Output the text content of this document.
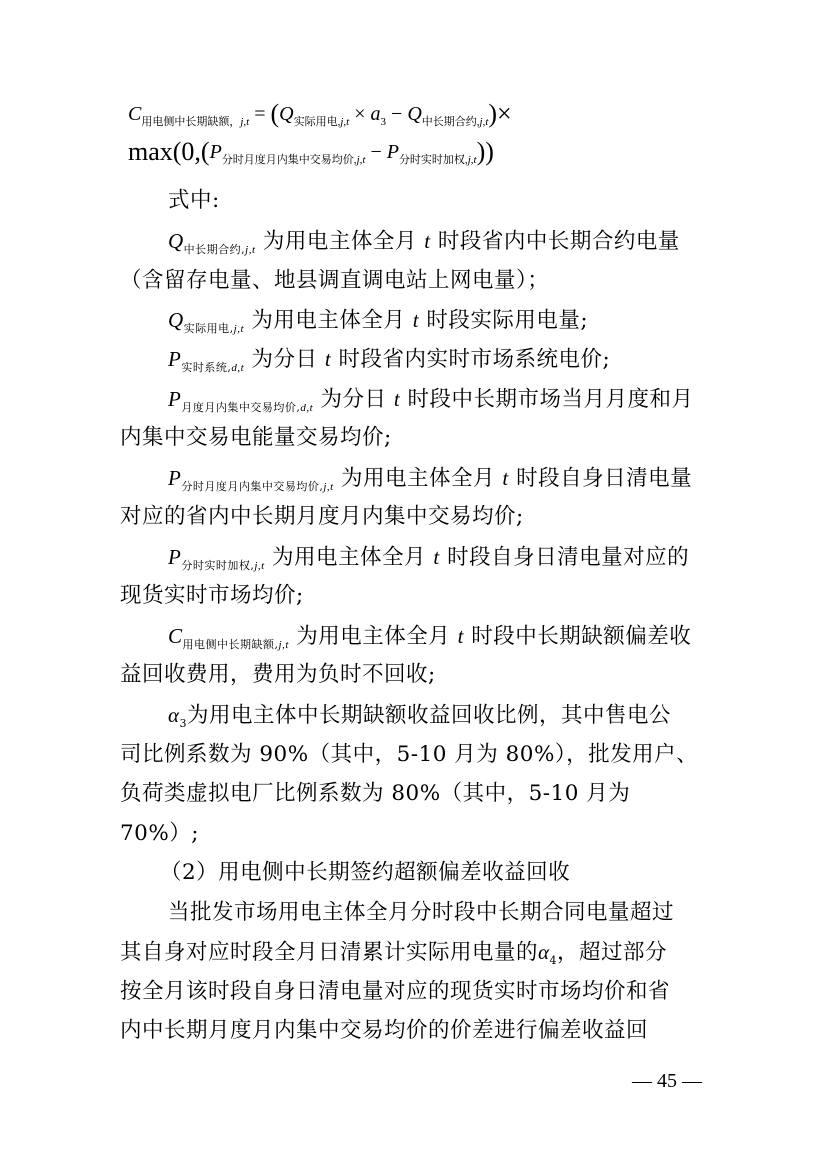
$C_{用电侧中长期缺额,j,t} = (Q_{实际用电,j,t} \times a_3 - Q_{中长期合约,j,t})\times$
$\max(0,(P_{分时月度月内集中交易均价,j,t} - P_{分时实时加权,j,t}))$
式中:
$Q_{中长期合约,j,t}$ 为用电主体全月 t 时段省内中长期合约电量
（含留存电量、地县调直调电站上网电量）；
$Q_{实际用电,j,t}$ 为用电主体全月 t 时段实际用电量;
$P_{实时系统,d,t}$ 为分日 t 时段省内实时市场系统电价;
$P_{月度月内集中交易均价,d,t}$ 为分日 t 时段中长期市场当月月度和月
内集中交易电能量交易均价;
$P_{分时月度月内集中交易均价,j,t}$ 为用电主体全月 t 时段自身日清电量
对应的省内中长期月度月内集中交易均价;
$P_{分时实时加权,j,t}$ 为用电主体全月 t 时段自身日清电量对应的
现货实时市场均价;
$C_{用电侧中长期缺额,j,t}$ 为用电主体全月 t 时段中长期缺额偏差收
益回收费用，费用为负时不回收;
$\alpha_3$为用电主体中长期缺额收益回收比例，其中售电公
司比例系数为 90%（其中，5-10 月为 80%），批发用户、
负荷类虚拟电厂比例系数为 80%（其中，5-10 月为
70%）;
（2）用电侧中长期签约超额偏差收益回收
当批发市场用电主体全月分时段中长期合同电量超过
其自身对应时段全月日清累计实际用电量的$\alpha_4$，超过部分
按全月该时段自身日清电量对应的现货实时市场均价和省
内中长期月度月内集中交易均价的价差进行偏差收益回
— 45 —
